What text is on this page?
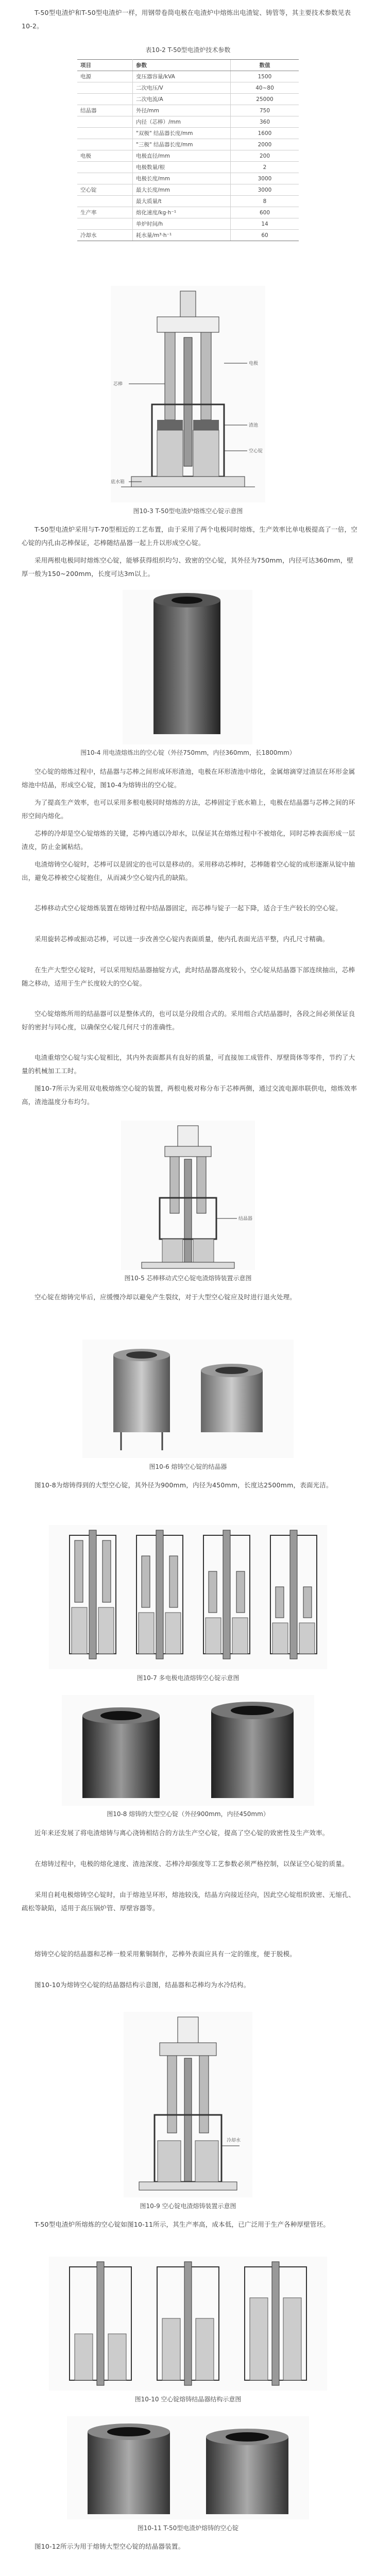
T-50型电渣炉和T-50型电渣炉一样，用钢带卷筒电极在电渣炉中熔炼出电渣锭、铸管等，其主要技术参数见表10-2。
表10-2 T-50型电渣炉技术参数
项目	参数	数值
电源	变压器容量/kVA	1500
	二次电压/V	40~80
	二次电流/A	25000
结晶器	外径/mm	750
	内径（芯棒）/mm	360
	"双极" 结晶器长度/mm	1600
	"三极" 结晶器长度/mm	2000
电极	电极直径/mm	200
	电极数量/根	2
	电极长度/mm	3000
空心锭	最大长度/mm	3000
	最大质量/t	8
生产率	熔化速度/kg·h⁻¹	600
	单炉时间/h	14
冷却水	耗水量/m³·h⁻¹	60
电极
渣池
空心锭
芯棒
底水箱
图10-3 T-50型电渣炉熔炼空心锭示意图
T-50型电渣炉采用与T-70型相近的工艺布置，由于采用了两个电极同时熔炼，生产效率比单电极提高了一倍，空心锭的内孔由芯棒保证，芯棒随结晶器一起上升以形成空心锭。
采用两根电极同时熔炼空心锭，能够获得组织均匀、致密的空心锭，其外径为750mm，内径可达360mm，壁厚一般为150~200mm，长度可达3m以上。
图10-4 用电渣熔炼出的空心锭（外径750mm，内径360mm，长1800mm）
空心锭的熔炼过程中，结晶器与芯棒之间形成环形渣池，电极在环形渣池中熔化，金属熔滴穿过渣层在环形金属熔池中结晶，形成空心锭，图10-4为熔铸出的空心锭。
为了提高生产效率，也可以采用多根电极同时熔炼的方法，芯棒固定于底水箱上，电极在结晶器与芯棒之间的环形空间内熔化。
芯棒的冷却是空心锭熔炼的关键，芯棒内通以冷却水，以保证其在熔炼过程中不被熔化，同时芯棒表面形成一层渣皮，防止金属粘结。
电渣熔铸空心锭时，芯棒可以是固定的也可以是移动的。采用移动芯棒时，芯棒随着空心锭的成形逐渐从锭中抽出，避免芯棒被空心锭抱住，从而减少空心锭内孔的缺陷。
芯棒移动式空心锭熔炼装置在熔铸过程中结晶器固定，而芯棒与锭子一起下降，适合于生产较长的空心锭。
采用旋转芯棒或振动芯棒，可以进一步改善空心锭内表面质量，使内孔表面光洁平整，内孔尺寸精确。
在生产大型空心锭时，可以采用短结晶器抽锭方式，此时结晶器高度较小，空心锭从结晶器下部连续抽出，芯棒随之移动，适用于生产长度较大的空心锭。
空心锭熔炼所用的结晶器可以是整体式的，也可以是分段组合式的。采用组合式结晶器时，各段之间必须保证良好的密封与同心度，以确保空心锭几何尺寸的准确性。
电渣重熔空心锭与实心锭相比，其内外表面都具有良好的质量，可直接加工成管件、厚壁筒体等零件，节约了大量的机械加工工时。
图10-7所示为采用双电极熔炼空心锭的装置，两根电极对称分布于芯棒两侧，通过交流电源串联供电，熔炼效率高，渣池温度分布均匀。
结晶器
图10-5 芯棒移动式空心锭电渣熔铸装置示意图
空心锭在熔铸完毕后，应缓慢冷却以避免产生裂纹，对于大型空心锭应及时进行退火处理。
图10-6 熔铸空心锭的结晶器
图10-8为熔铸得到的大型空心锭，其外径为900mm，内径为450mm，长度达2500mm，表面光洁。
图10-7 多电极电渣熔铸空心锭示意图
图10-8 熔铸的大型空心锭（外径900mm，内径450mm）
近年来还发展了将电渣熔铸与离心浇铸相结合的方法生产空心锭，提高了空心锭的致密性及生产效率。
在熔铸过程中，电极的熔化速度、渣池深度、芯棒冷却强度等工艺参数必须严格控制，以保证空心锭的质量。
采用自耗电极熔铸空心锭时，由于熔池呈环形，熔池较浅，结晶方向接近径向，因此空心锭组织致密、无缩孔、疏松等缺陷，适用于高压锅炉管、厚壁容器等。
熔铸空心锭的结晶器和芯棒一般采用紫铜制作，芯棒外表面应具有一定的锥度，便于脱模。
图10-10为熔铸空心锭的结晶器结构示意图，结晶器和芯棒均为水冷结构。
冷却水
图10-9 空心锭电渣熔铸装置示意图
T-50型电渣炉所熔炼的空心锭如图10-11所示，其生产率高，成本低，已广泛用于生产各种厚壁管坯。
图10-10 空心锭熔铸结晶器结构示意图
图10-11 T-50型电渣炉熔铸的空心锭
图10-12所示为用于熔铸大型空心锭的结晶器装置。
